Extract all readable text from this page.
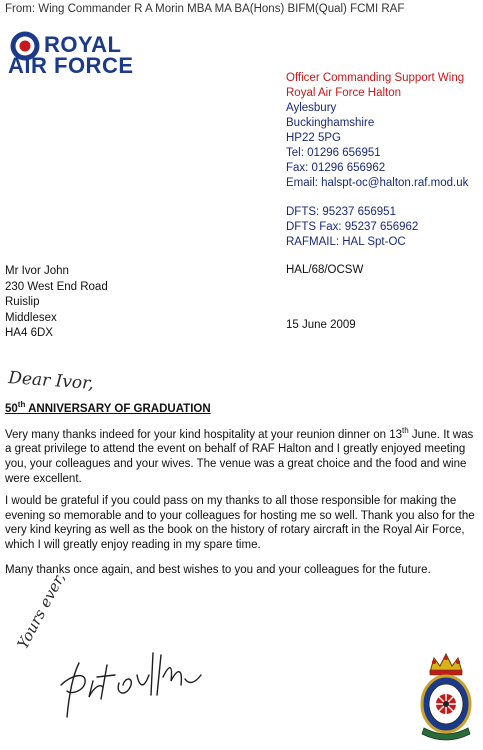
From: Wing Commander R A Morin MBA MA BA(Hons) BIFM(Qual) FCMI RAF
ROYAL
AIR FORCE	Officer Commanding Support Wing
Royal Air Force Halton
Aylesbury
Buckinghamshire
HP22 5PG
Tel: 01296 656951
Fax: 01296 656962
Email: halspt-oc@halton.raf.mod.uk
DFTS: 95237 656951
DFTS Fax: 95237 656962
RAFMAIL: HAL Spt-OC
Mr Ivor John
230 West End Road
Ruislip
Middlesex
HA4 6DX
HAL/68/OCSW
15 June 2009
Dear Ivor,
50th ANNIVERSARY OF GRADUATION
Very many thanks indeed for your kind hospitality at your reunion dinner on 13th June. It was a great privilege to attend the event on behalf of RAF Halton and I greatly enjoyed meeting you, your colleagues and your wives. The venue was a great choice and the food and wine were excellent.
I would be grateful if you could pass on my thanks to all those responsible for making the evening so memorable and to your colleagues for hosting me so well. Thank you also for the very kind keyring as well as the book on the history of rotary aircraft in the Royal Air Force, which I will greatly enjoy reading in my spare time.
Many thanks once again, and best wishes to you and your colleagues for the future.
Yours ever,
